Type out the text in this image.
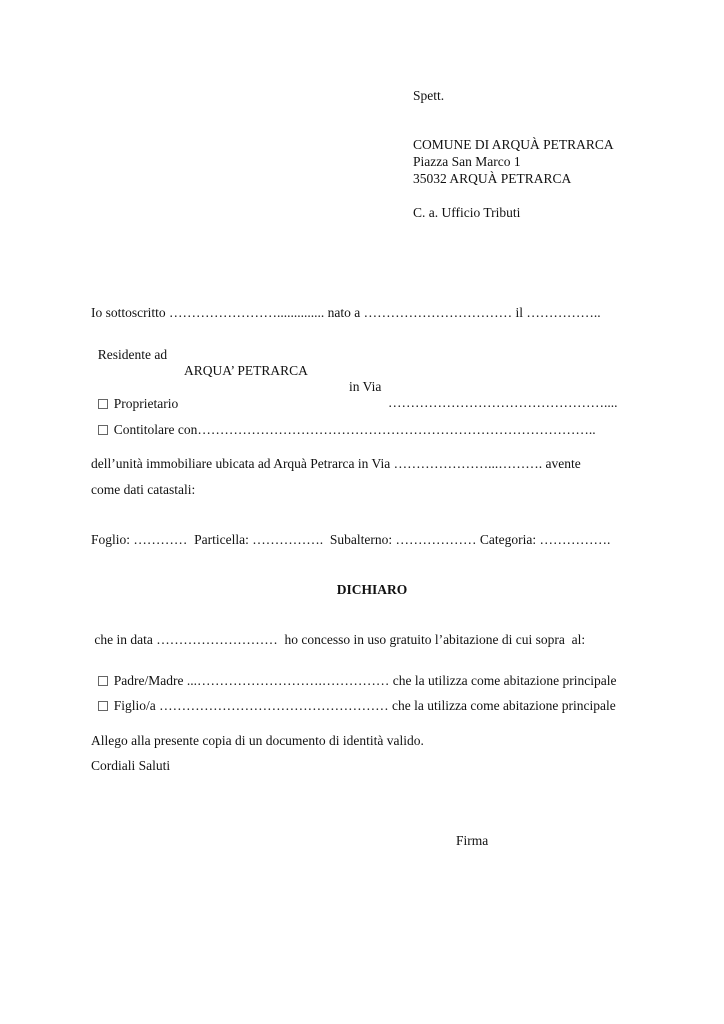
Spett.
COMUNE DI ARQUÀ PETRARCA
Piazza San Marco 1
35032 ARQUÀ PETRARCA
C. a. Ufficio Tributi
Io sottoscritto …………………….............. nato a …………………………… il ……………..

Residente ad

ARQUA’ PETRARCA

in Via

…………………………………………....

Proprietario

Contitolare con……………………………………………………………………………..

dell’unità immobiliare ubicata ad Arquà Petrarca in Via …………………...………. avente
come dati catastali:
Foglio: …………  Particella: …………….  Subalterno: ……………… Categoria: …………….
DICHIARO
che in data ………………………  ho concesso in uso gratuito l’abitazione di cui sopra  al:

Padre/Madre ...……………………….…………… che la utilizza come abitazione principale

Figlio/a …………………………………………… che la utilizza come abitazione principale

Allego alla presente copia di un documento di identità valido.
Cordiali Saluti
Firma
